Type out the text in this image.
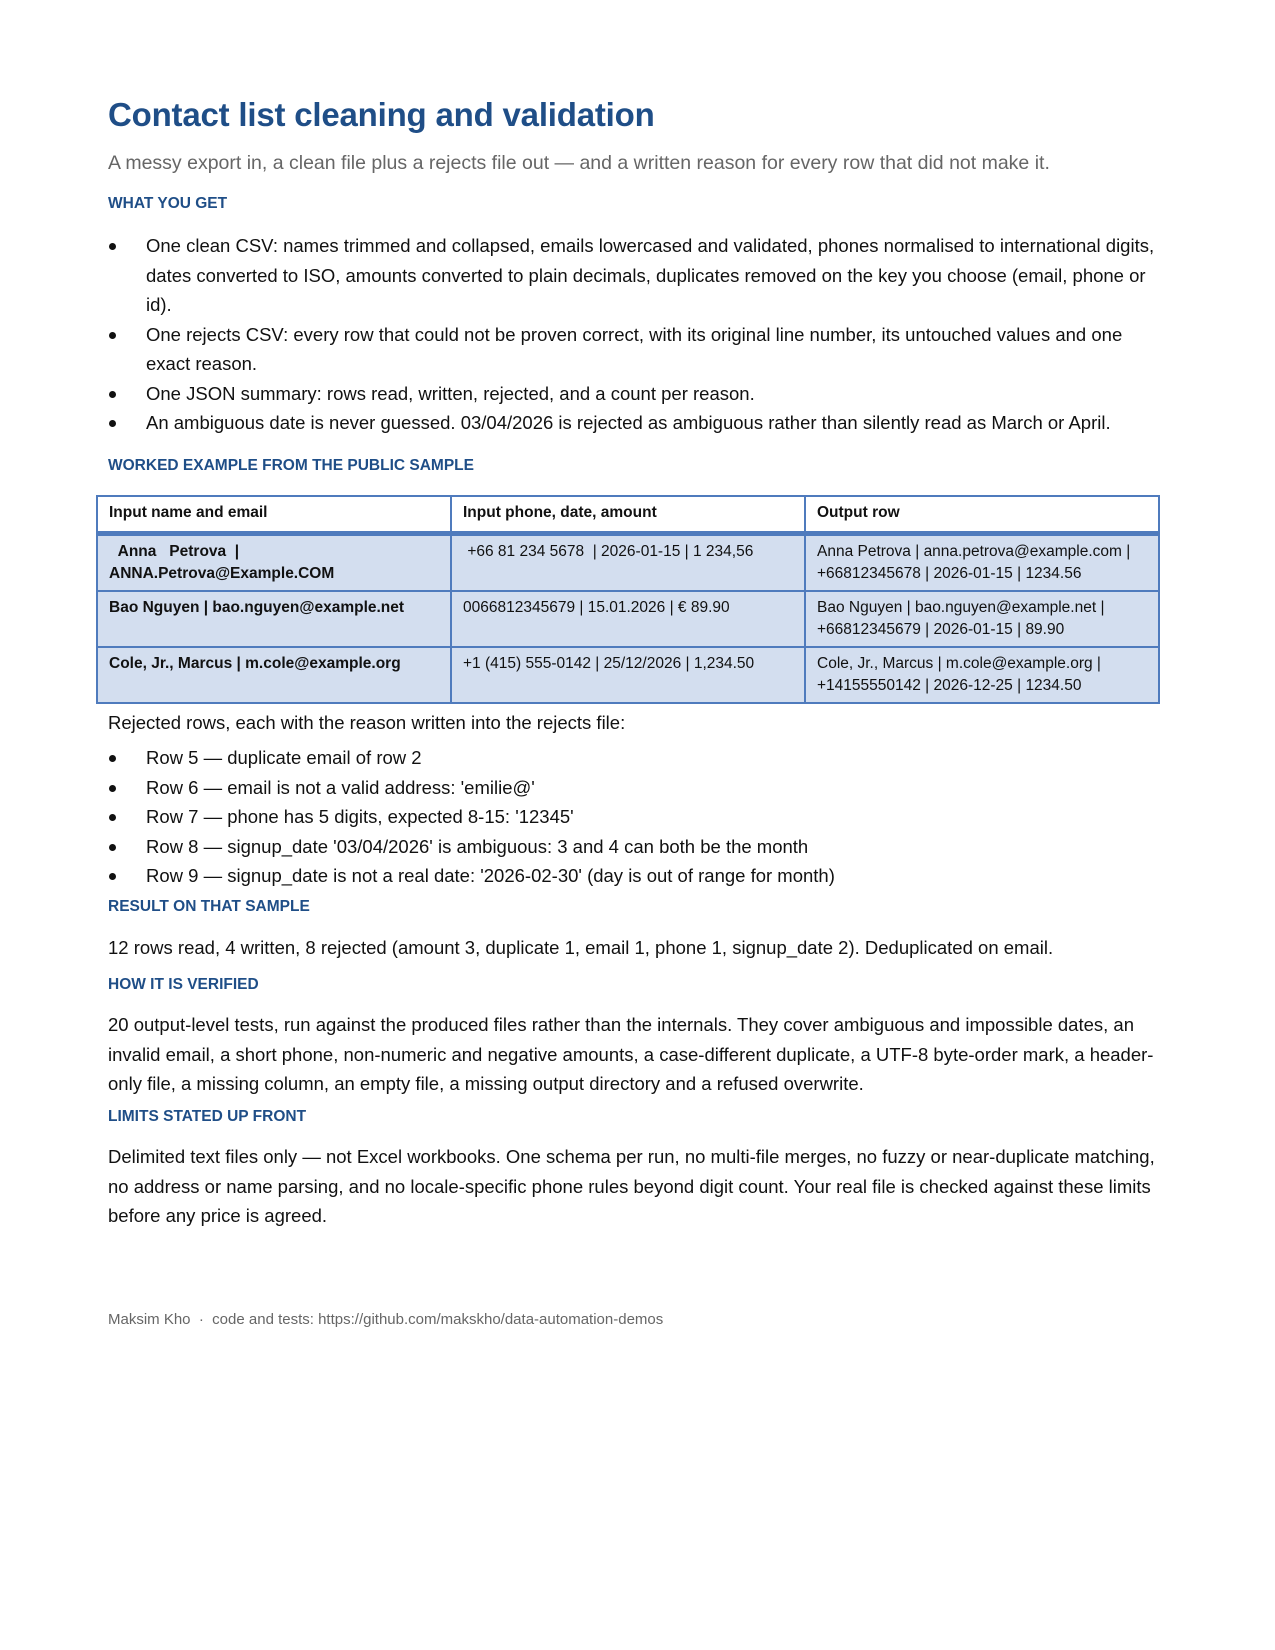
Contact list cleaning and validation
A messy export in, a clean file plus a rejects file out — and a written reason for every row that did not make it.
WHAT YOU GET
One clean CSV: names trimmed and collapsed, emails lowercased and validated, phones normalised to international digits, dates converted to ISO, amounts converted to plain decimals, duplicates removed on the key you choose (email, phone or id).
One rejects CSV: every row that could not be proven correct, with its original line number, its untouched values and one exact reason.
One JSON summary: rows read, written, rejected, and a count per reason.
An ambiguous date is never guessed. 03/04/2026 is rejected as ambiguous rather than silently read as March or April.
WORKED EXAMPLE FROM THE PUBLIC SAMPLE
Input name and email	Input phone, date, amount	Output row
Anna   Petrova  |  ANNA.Petrova@Example.COM	+66 81 234 5678  | 2026-01-15 | 1 234,56	Anna Petrova | anna.petrova@example.com | +66812345678 | 2026-01-15 | 1234.56
Bao Nguyen | bao.nguyen@example.net	0066812345679 | 15.01.2026 | € 89.90	Bao Nguyen | bao.nguyen@example.net | +66812345679 | 2026-01-15 | 89.90
Cole, Jr., Marcus | m.cole@example.org	+1 (415) 555-0142 | 25/12/2026 | 1,234.50	Cole, Jr., Marcus | m.cole@example.org | +14155550142 | 2026-12-25 | 1234.50
Rejected rows, each with the reason written into the rejects file:
Row 5 — duplicate email of row 2
Row 6 — email is not a valid address: 'emilie@'
Row 7 — phone has 5 digits, expected 8-15: '12345'
Row 8 — signup_date '03/04/2026' is ambiguous: 3 and 4 can both be the month
Row 9 — signup_date is not a real date: '2026-02-30' (day is out of range for month)
RESULT ON THAT SAMPLE
12 rows read, 4 written, 8 rejected (amount 3, duplicate 1, email 1, phone 1, signup_date 2). Deduplicated on email.
HOW IT IS VERIFIED
20 output-level tests, run against the produced files rather than the internals. They cover ambiguous and impossible dates, an invalid email, a short phone, non-numeric and negative amounts, a case-different duplicate, a UTF-8 byte-order mark, a header-only file, a missing column, an empty file, a missing output directory and a refused overwrite.
LIMITS STATED UP FRONT
Delimited text files only — not Excel workbooks. One schema per run, no multi-file merges, no fuzzy or near-duplicate matching, no address or name parsing, and no locale-specific phone rules beyond digit count. Your real file is checked against these limits before any price is agreed.
Maksim Kho  ·  code and tests: https://github.com/makskho/data-automation-demos
